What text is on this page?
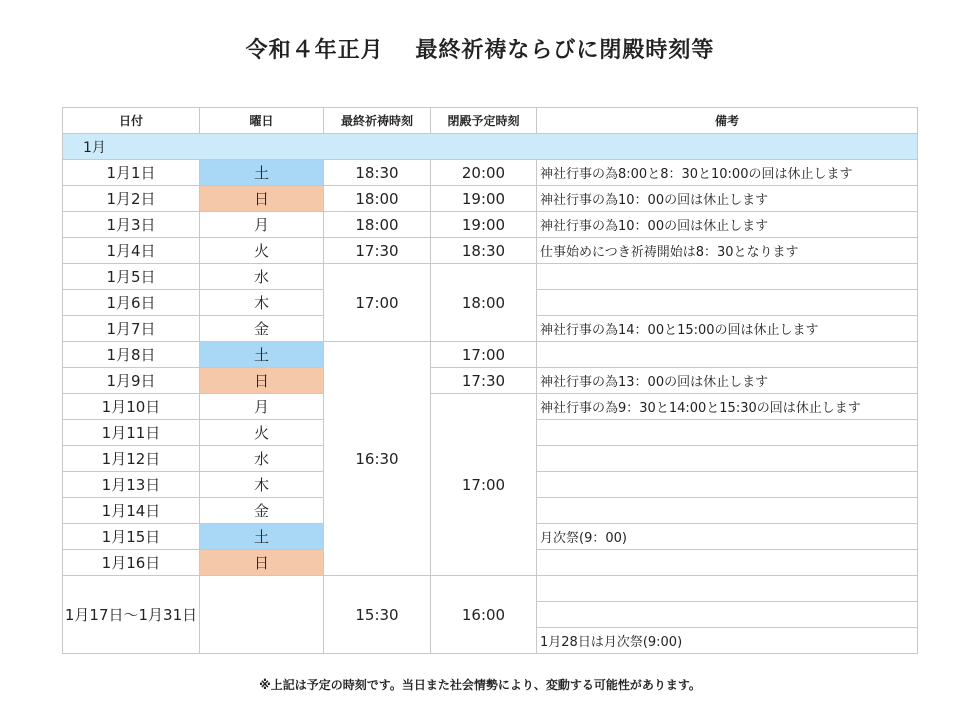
令和４年正月　 最終祈祷ならびに閉殿時刻等
日付	曜日	最終祈祷時刻	閉殿予定時刻	備考
1月				
1月1日	土	18:30	20:00	神社行事の為8:00と8：30と10:00の回は休止します
1月2日	日	18:00	19:00	神社行事の為10：00の回は休止します
1月3日	月	18:00	19:00	神社行事の為10：00の回は休止します
1月4日	火	17:30	18:30	仕事始めにつき祈祷開始は8：30となります
1月5日	水	17:00	18:00	
1月6日	木			
1月7日	金			神社行事の為14：00と15:00の回は休止します
1月8日	土	16:30	17:00	
1月9日	日		17:30	神社行事の為13：00の回は休止します
1月10日	月		17:00	神社行事の為9：30と14:00と15:30の回は休止します
1月11日	火			
1月12日	水			
1月13日	木			
1月14日	金			
1月15日	土			月次祭(9：00)
1月16日	日			
1月17日～1月31日		15:30	16:00	

				1月28日は月次祭(9:00)
※上記は予定の時刻です。当日また社会情勢により、変動する可能性があります。
